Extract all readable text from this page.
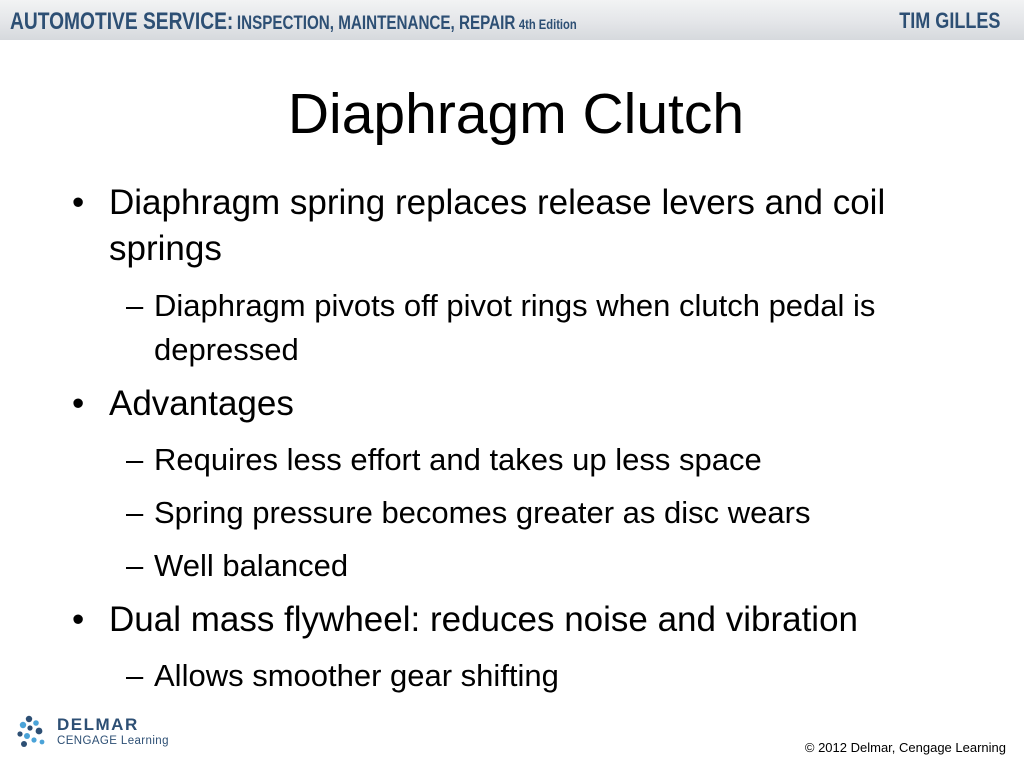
AUTOMOTIVE SERVICE: INSPECTION, MAINTENANCE, REPAIR 4th Edition	TIM GILLES
Diaphragm Clutch
• Diaphragm spring replaces release levers and coil springs
– Diaphragm pivots off pivot rings when clutch pedal is depressed
• Advantages
– Requires less effort and takes up less space
– Spring pressure becomes greater as disc wears
– Well balanced
• Dual mass flywheel: reduces noise and vibration
– Allows smoother gear shifting
DELMAR
CENGAGE Learning	© 2012 Delmar, Cengage Learning
